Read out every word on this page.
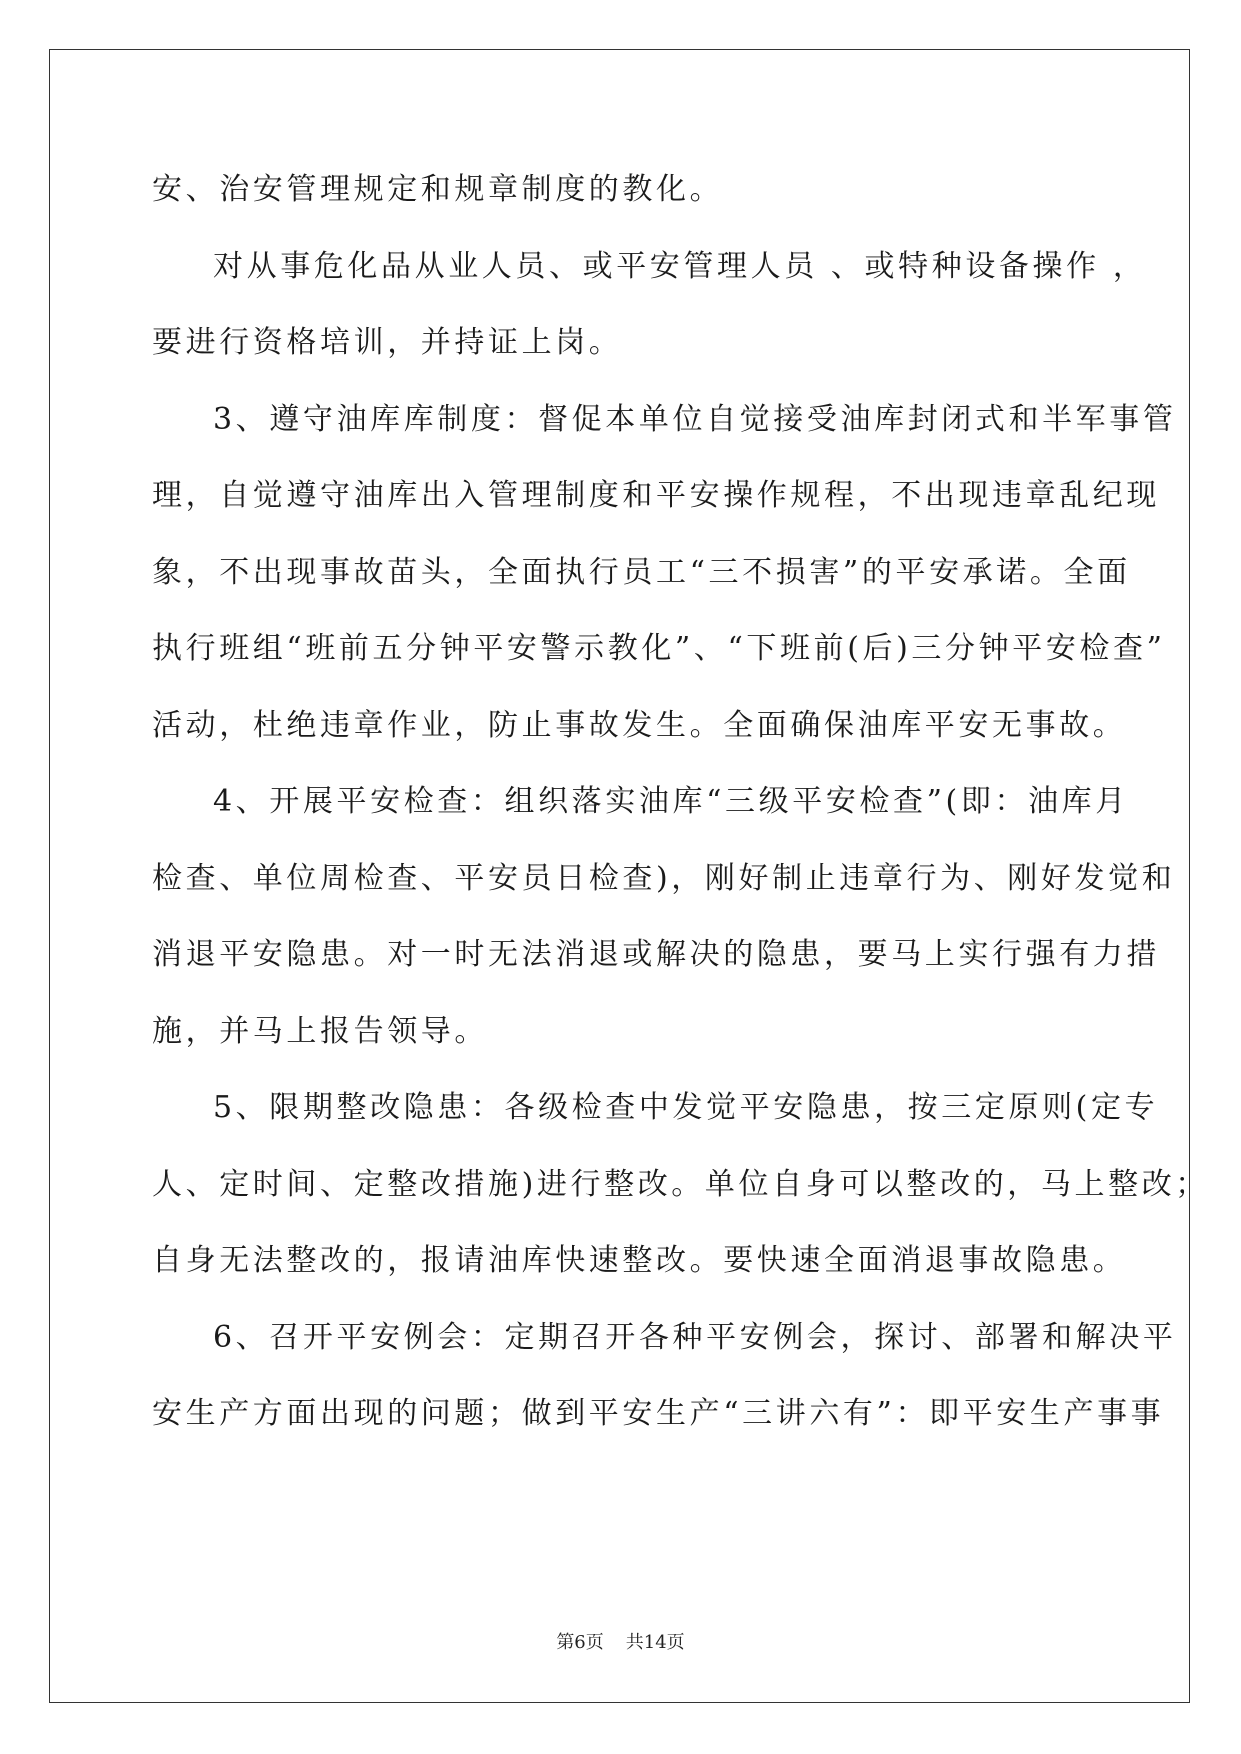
安、治安管理规定和规章制度的教化。
对从事危化品从业人员、或平安管理人员 、或特种设备操作 ，
要进行资格培训，并持证上岗。
3、遵守油库库制度：督促本单位自觉接受油库封闭式和半军事管
理，自觉遵守油库出入管理制度和平安操作规程，不出现违章乱纪现
象，不出现事故苗头，全面执行员工“三不损害”的平安承诺。全面
执行班组“班前五分钟平安警示教化”、“下班前(后)三分钟平安检查”
活动，杜绝违章作业，防止事故发生。全面确保油库平安无事故。
4、开展平安检查：组织落实油库“三级平安检查”(即：油库月
检查、单位周检查、平安员日检查)，刚好制止违章行为、刚好发觉和
消退平安隐患。对一时无法消退或解决的隐患，要马上实行强有力措
施，并马上报告领导。
5、限期整改隐患：各级检查中发觉平安隐患，按三定原则(定专
人、定时间、定整改措施)进行整改。单位自身可以整改的，马上整改；
自身无法整改的，报请油库快速整改。要快速全面消退事故隐患。
6、召开平安例会：定期召开各种平安例会，探讨、部署和解决平
安生产方面出现的问题；做到平安生产“三讲六有”：即平安生产事事
第6页 共14页
